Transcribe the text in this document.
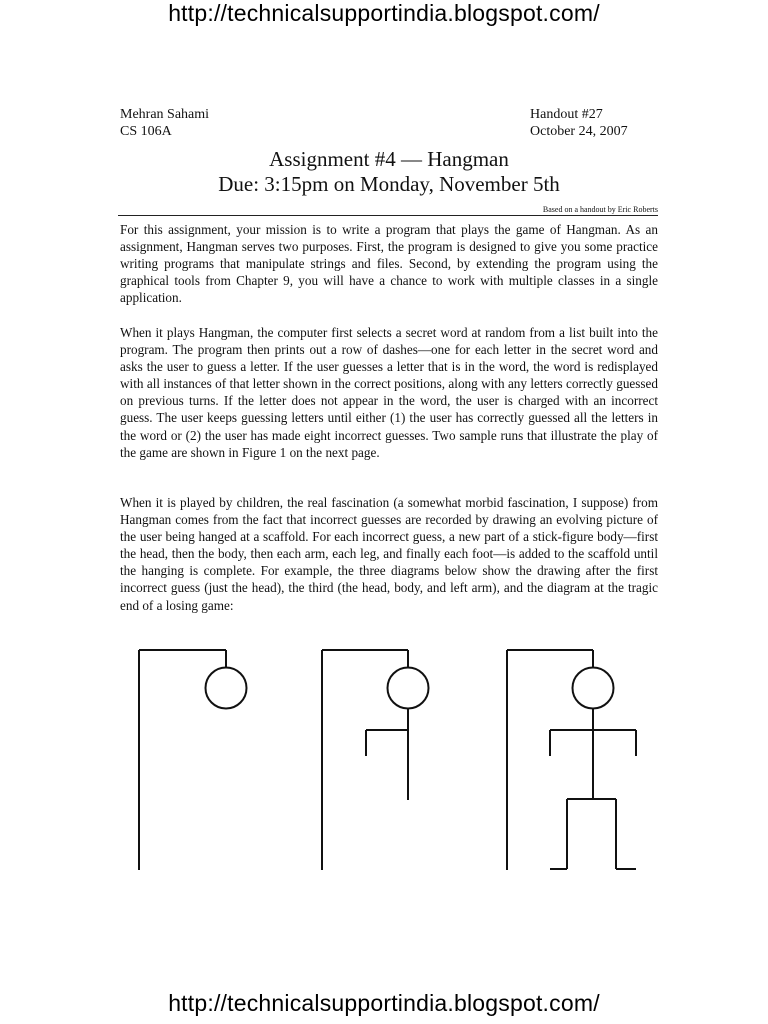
http://technicalsupportindia.blogspot.com/
Mehran Sahami
CS 106A
Handout #27
October 24, 2007
Assignment #4 — Hangman
Due: 3:15pm on Monday, November 5th
Based on a handout by Eric Roberts

For this assignment, your mission is to write a program that plays the game of Hangman. As an assignment, Hangman serves two purposes. First, the program is designed to give you some practice writing programs that manipulate strings and files. Second, by extending the program using the graphical tools from Chapter 9, you will have a chance to work with multiple classes in a single application.

When it plays Hangman, the computer first selects a secret word at random from a list built into the program. The program then prints out a row of dashes—one for each letter in the secret word and asks the user to guess a letter. If the user guesses a letter that is in the word, the word is redisplayed with all instances of that letter shown in the correct positions, along with any letters correctly guessed on previous turns. If the letter does not appear in the word, the user is charged with an incorrect guess. The user keeps guessing letters until either (1) the user has correctly guessed all the letters in the word or (2) the user has made eight incorrect guesses. Two sample runs that illustrate the play of the game are shown in Figure 1 on the next page.

When it is played by children, the real fascination (a somewhat morbid fascination, I suppose) from Hangman comes from the fact that incorrect guesses are recorded by drawing an evolving picture of the user being hanged at a scaffold. For each incorrect guess, a new part of a stick-figure body—first the head, then the body, then each arm, each leg, and finally each foot—is added to the scaffold until the hanging is complete. For example, the three diagrams below show the drawing after the first incorrect guess (just the head), the third (the head, body, and left arm), and the diagram at the tragic end of a losing game:

http://technicalsupportindia.blogspot.com/
